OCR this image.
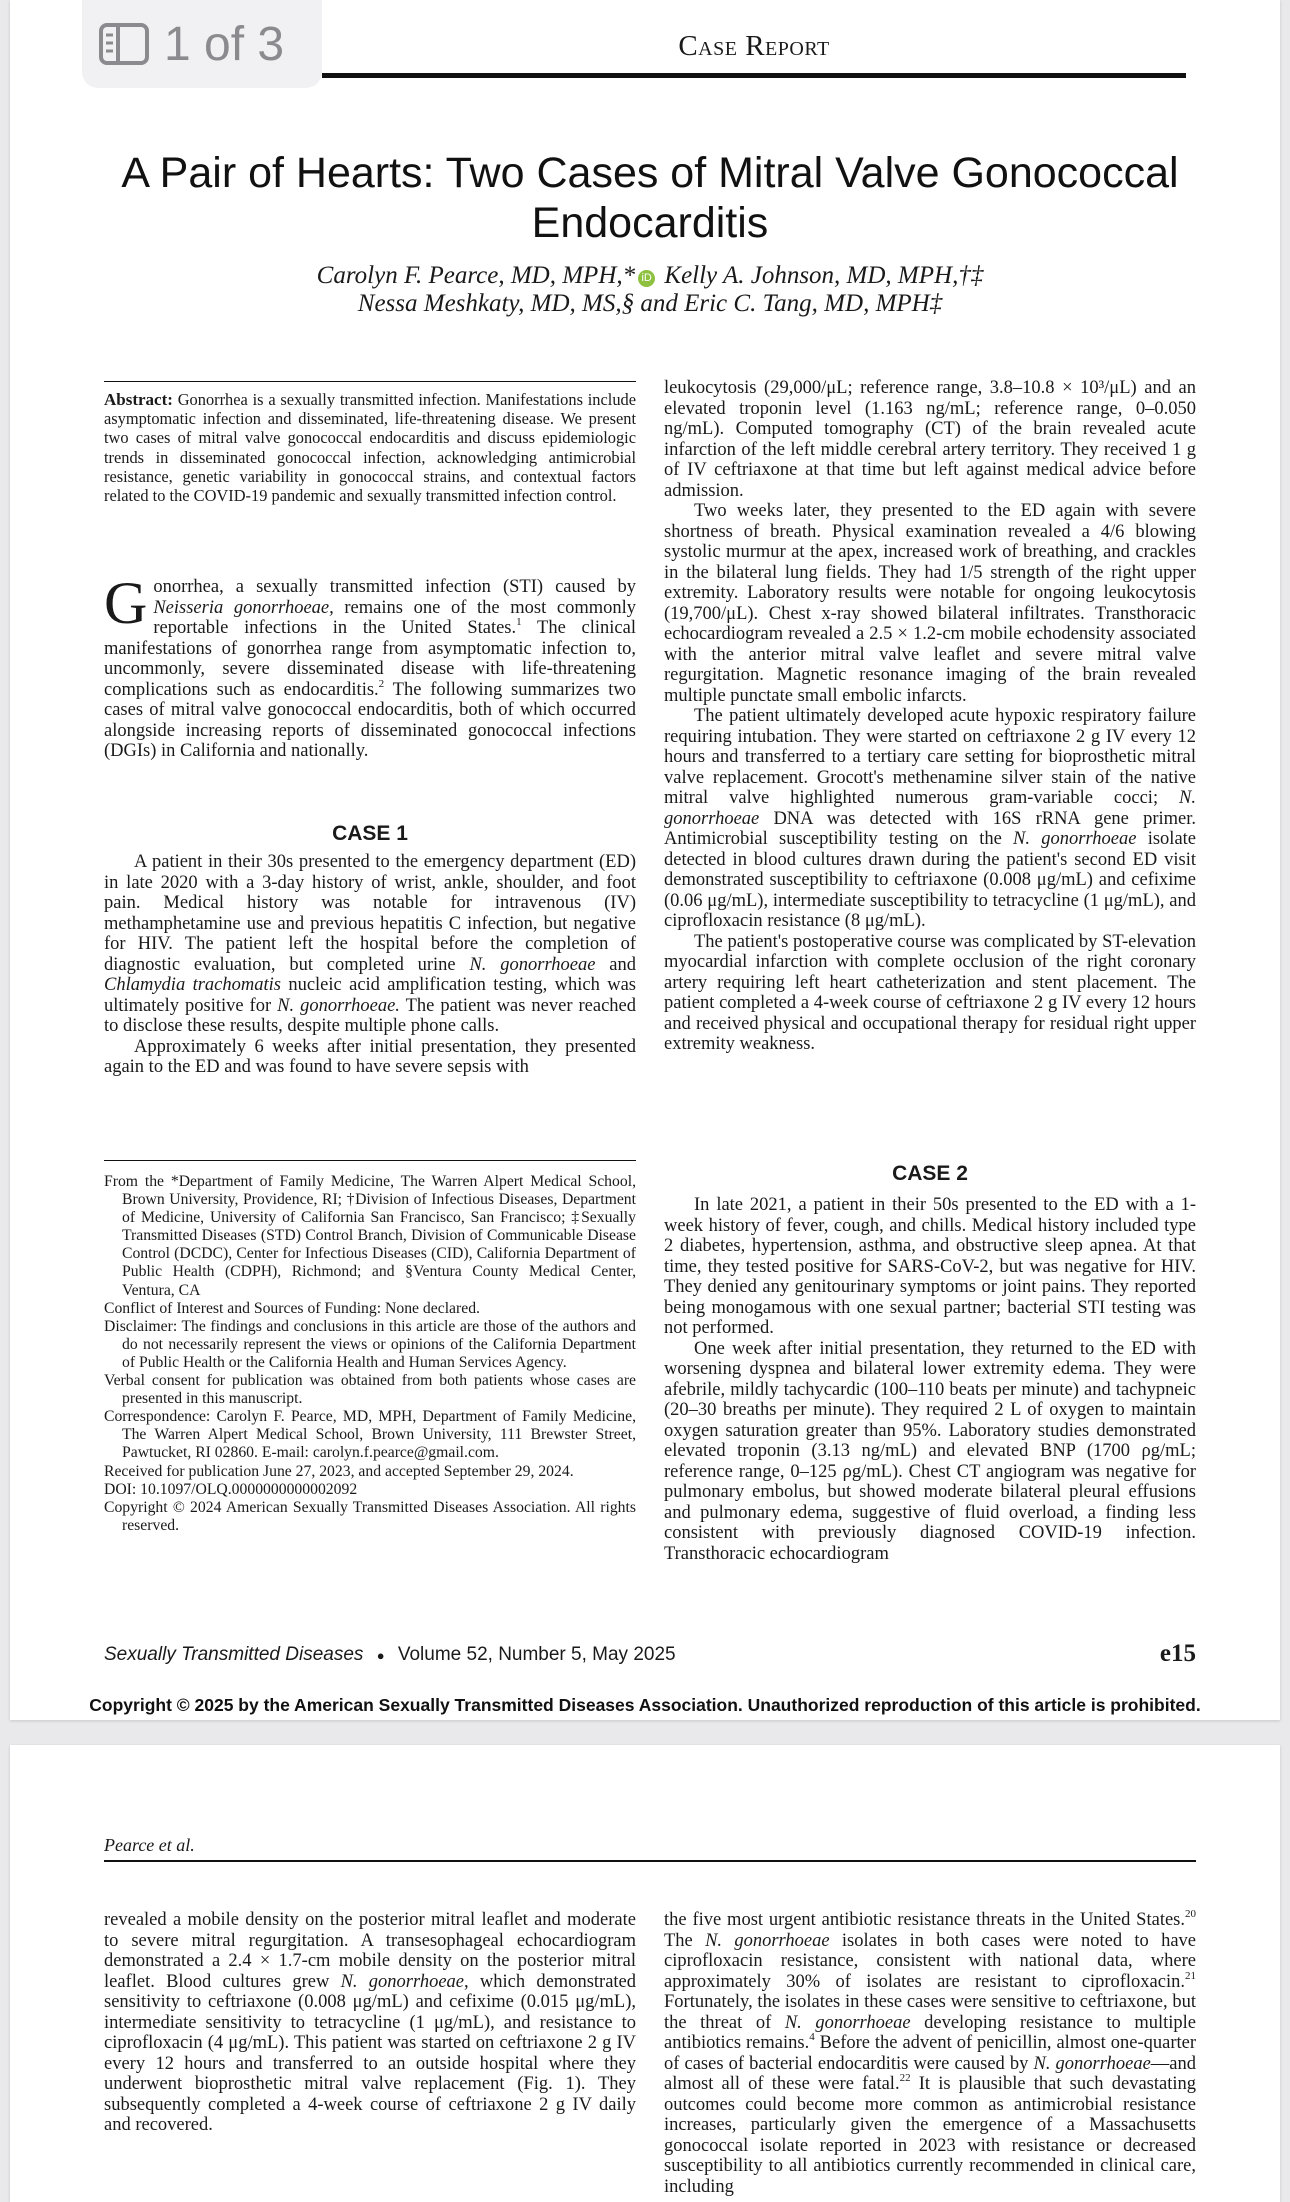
Case Report
A Pair of Hearts: Two Cases of Mitral Valve Gonococcal Endocarditis
Carolyn F. Pearce, MD, MPH,* iD Kelly A. Johnson, MD, MPH,†‡
Nessa Meshkaty, MD, MS,§ and Eric C. Tang, MD, MPH‡

Abstract: Gonorrhea is a sexually transmitted infection. Manifestations include asymptomatic infection and disseminated, life-threatening disease. We present two cases of mitral valve gonococcal endocarditis and discuss epidemiologic trends in disseminated gonococcal infection, acknowledging antimicrobial resistance, genetic variability in gonococcal strains, and contextual factors related to the COVID-19 pandemic and sexually transmitted infection control.

Gonorrhea, a sexually transmitted infection (STI) caused by Neisseria gonorrhoeae, remains one of the most commonly reportable infections in the United States.$^1$ The clinical manifestations of gonorrhea range from asymptomatic infection to, uncommonly, severe disseminated disease with life-threatening complications such as endocarditis.$^2$ The following summarizes two cases of mitral valve gonococcal endocarditis, both of which occurred alongside increasing reports of disseminated gonococcal infections (DGIs) in California and nationally.

CASE 1

A patient in their 30s presented to the emergency department (ED) in late 2020 with a 3-day history of wrist, ankle, shoulder, and foot pain. Medical history was notable for intravenous (IV) methamphetamine use and previous hepatitis C infection, but negative for HIV. The patient left the hospital before the completion of diagnostic evaluation, but completed urine N. gonorrhoeae and Chlamydia trachomatis nucleic acid amplification testing, which was ultimately positive for N. gonorrhoeae. The patient was never reached to disclose these results, despite multiple phone calls.

Approximately 6 weeks after initial presentation, they presented again to the ED and was found to have severe sepsis with

From the *Department of Family Medicine, The Warren Alpert Medical School, Brown University, Providence, RI; †Division of Infectious Diseases, Department of Medicine, University of California San Francisco, San Francisco; ‡Sexually Transmitted Diseases (STD) Control Branch, Division of Communicable Disease Control (DCDC), Center for Infectious Diseases (CID), California Department of Public Health (CDPH), Richmond; and §Ventura County Medical Center, Ventura, CA

Conflict of Interest and Sources of Funding: None declared.

Disclaimer: The findings and conclusions in this article are those of the authors and do not necessarily represent the views or opinions of the California Department of Public Health or the California Health and Human Services Agency.

Verbal consent for publication was obtained from both patients whose cases are presented in this manuscript.

Correspondence: Carolyn F. Pearce, MD, MPH, Department of Family Medicine, The Warren Alpert Medical School, Brown University, 111 Brewster Street, Pawtucket, RI 02860. E-mail: carolyn.f.pearce@gmail.com.

Received for publication June 27, 2023, and accepted September 29, 2024.

DOI: 10.1097/OLQ.0000000000002092

Copyright © 2024 American Sexually Transmitted Diseases Association. All rights reserved.

leukocytosis (29,000/μL; reference range, 3.8–10.8 × 10³/μL) and an elevated troponin level (1.163 ng/mL; reference range, 0–0.050 ng/mL). Computed tomography (CT) of the brain revealed acute infarction of the left middle cerebral artery territory. They received 1 g of IV ceftriaxone at that time but left against medical advice before admission.

Two weeks later, they presented to the ED again with severe shortness of breath. Physical examination revealed a 4/6 blowing systolic murmur at the apex, increased work of breathing, and crackles in the bilateral lung fields. They had 1/5 strength of the right upper extremity. Laboratory results were notable for ongoing leukocytosis (19,700/μL). Chest x-ray showed bilateral infiltrates. Transthoracic echocardiogram revealed a 2.5 × 1.2-cm mobile echodensity associated with the anterior mitral valve leaflet and severe mitral valve regurgitation. Magnetic resonance imaging of the brain revealed multiple punctate small embolic infarcts.

The patient ultimately developed acute hypoxic respiratory failure requiring intubation. They were started on ceftriaxone 2 g IV every 12 hours and transferred to a tertiary care setting for bioprosthetic mitral valve replacement. Grocott's methenamine silver stain of the native mitral valve highlighted numerous gram-variable cocci; N. gonorrhoeae DNA was detected with 16S rRNA gene primer. Antimicrobial susceptibility testing on the N. gonorrhoeae isolate detected in blood cultures drawn during the patient's second ED visit demonstrated susceptibility to ceftriaxone (0.008 μg/mL) and cefixime (0.06 μg/mL), intermediate susceptibility to tetracycline (1 μg/mL), and ciprofloxacin resistance (8 μg/mL).

The patient's postoperative course was complicated by ST-elevation myocardial infarction with complete occlusion of the right coronary artery requiring left heart catheterization and stent placement. The patient completed a 4-week course of ceftriaxone 2 g IV every 12 hours and received physical and occupational therapy for residual right upper extremity weakness.

CASE 2

In late 2021, a patient in their 50s presented to the ED with a 1-week history of fever, cough, and chills. Medical history included type 2 diabetes, hypertension, asthma, and obstructive sleep apnea. At that time, they tested positive for SARS-CoV-2, but was negative for HIV. They denied any genitourinary symptoms or joint pains. They reported being monogamous with one sexual partner; bacterial STI testing was not performed.

One week after initial presentation, they returned to the ED with worsening dyspnea and bilateral lower extremity edema. They were afebrile, mildly tachycardic (100–110 beats per minute) and tachypneic (20–30 breaths per minute). They required 2 L of oxygen to maintain oxygen saturation greater than 95%. Laboratory studies demonstrated elevated troponin (3.13 ng/mL) and elevated BNP (1700 ρg/mL; reference range, 0–125 ρg/mL). Chest CT angiogram was negative for pulmonary embolus, but showed moderate bilateral pleural effusions and pulmonary edema, suggestive of fluid overload, a finding less consistent with previously diagnosed COVID-19 infection. Transthoracic echocardiogram

Sexually Transmitted Diseases ● Volume 52, Number 5, May 2025	e15
Copyright © 2025 by the American Sexually Transmitted Diseases Association. Unauthorized reproduction of this article is prohibited.
Pearce et al.

revealed a mobile density on the posterior mitral leaflet and moderate to severe mitral regurgitation. A transesophageal echocardiogram demonstrated a 2.4 × 1.7-cm mobile density on the posterior mitral leaflet. Blood cultures grew N. gonorrhoeae, which demonstrated sensitivity to ceftriaxone (0.008 μg/mL) and cefixime (0.015 μg/mL), intermediate sensitivity to tetracycline (1 μg/mL), and resistance to ciprofloxacin (4 μg/mL). This patient was started on ceftriaxone 2 g IV every 12 hours and transferred to an outside hospital where they underwent bioprosthetic mitral valve replacement (Fig. 1). They subsequently completed a 4-week course of ceftriaxone 2 g IV daily and recovered.

the five most urgent antibiotic resistance threats in the United States.$^{20}$ The N. gonorrhoeae isolates in both cases were noted to have ciprofloxacin resistance, consistent with national data, where approximately 30% of isolates are resistant to ciprofloxacin.$^{21}$ Fortunately, the isolates in these cases were sensitive to ceftriaxone, but the threat of N. gonorrhoeae developing resistance to multiple antibiotics remains.$^4$ Before the advent of penicillin, almost one-quarter of cases of bacterial endocarditis were caused by N. gonorrhoeae—and almost all of these were fatal.$^{22}$ It is plausible that such devastating outcomes could become more common as antimicrobial resistance increases, particularly given the emergence of a Massachusetts gonococcal isolate reported in 2023 with resistance or decreased susceptibility to all antibiotics currently recommended in clinical care, including

1 of 3
